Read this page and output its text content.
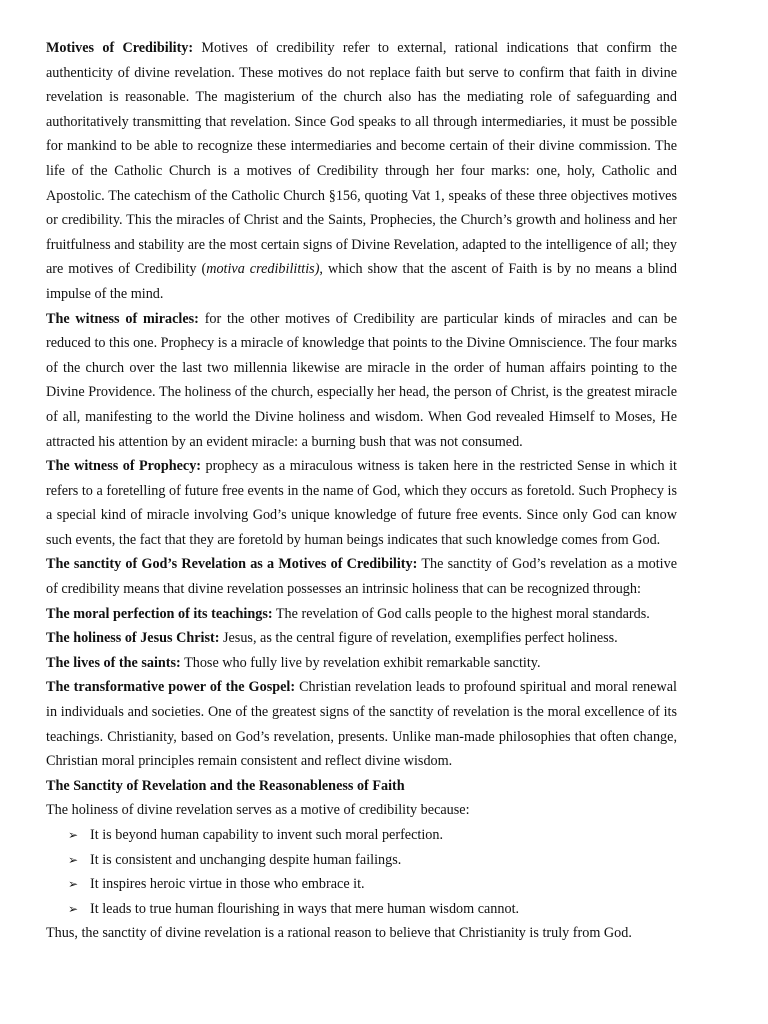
Motives of Credibility: Motives of credibility refer to external, rational indications that confirm the authenticity of divine revelation. These motives do not replace faith but serve to confirm that faith in divine revelation is reasonable. The magisterium of the church also has the mediating role of safeguarding and authoritatively transmitting that revelation. Since God speaks to all through intermediaries, it must be possible for mankind to be able to recognize these intermediaries and become certain of their divine commission. The life of the Catholic Church is a motives of Credibility through her four marks: one, holy, Catholic and Apostolic. The catechism of the Catholic Church §156, quoting Vat 1, speaks of these three objectives motives or credibility. This the miracles of Christ and the Saints, Prophecies, the Church’s growth and holiness and her fruitfulness and stability are the most certain signs of Divine Revelation, adapted to the intelligence of all; they are motives of Credibility (motiva credibilittis), which show that the ascent of Faith is by no means a blind impulse of the mind.

The witness of miracles: for the other motives of Credibility are particular kinds of miracles and can be reduced to this one. Prophecy is a miracle of knowledge that points to the Divine Omniscience. The four marks of the church over the last two millennia likewise are miracle in the order of human affairs pointing to the Divine Providence. The holiness of the church, especially her head, the person of Christ, is the greatest miracle of all, manifesting to the world the Divine holiness and wisdom. When God revealed Himself to Moses, He attracted his attention by an evident miracle: a burning bush that was not consumed.

The witness of Prophecy: prophecy as a miraculous witness is taken here in the restricted Sense in which it refers to a foretelling of future free events in the name of God, which they occurs as foretold. Such Prophecy is a special kind of miracle involving God’s unique knowledge of future free events. Since only God can know such events, the fact that they are foretold by human beings indicates that such knowledge comes from God.

The sanctity of God’s Revelation as a Motives of Credibility: The sanctity of God’s revelation as a motive of credibility means that divine revelation possesses an intrinsic holiness that can be recognized through:

The moral perfection of its teachings: The revelation of God calls people to the highest moral standards.

The holiness of Jesus Christ: Jesus, as the central figure of revelation, exemplifies perfect holiness.

The lives of the saints: Those who fully live by revelation exhibit remarkable sanctity.

The transformative power of the Gospel: Christian revelation leads to profound spiritual and moral renewal in individuals and societies. One of the greatest signs of the sanctity of revelation is the moral excellence of its teachings. Christianity, based on God’s revelation, presents. Unlike man-made philosophies that often change, Christian moral principles remain consistent and reflect divine wisdom.

The Sanctity of Revelation and the Reasonableness of Faith

The holiness of divine revelation serves as a motive of credibility because:

➢ It is beyond human capability to invent such moral perfection.
➢ It is consistent and unchanging despite human failings.
➢ It inspires heroic virtue in those who embrace it.
➢ It leads to true human flourishing in ways that mere human wisdom cannot.

Thus, the sanctity of divine revelation is a rational reason to believe that Christianity is truly from God.
